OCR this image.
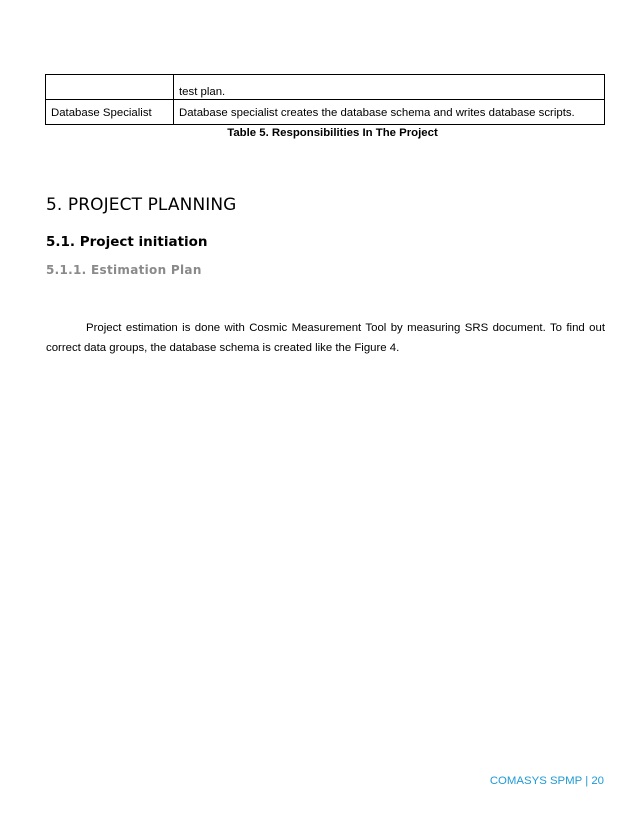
	test plan.
Database Specialist	Database specialist creates the database schema and writes database scripts.
Table 5. Responsibilities In The Project
5. PROJECT PLANNING
5.1. Project initiation
5.1.1. Estimation Plan

Project estimation is done with Cosmic Measurement Tool by measuring SRS document. To find out correct data groups, the database schema is created like the Figure 4.

COMASYS SPMP | 20
